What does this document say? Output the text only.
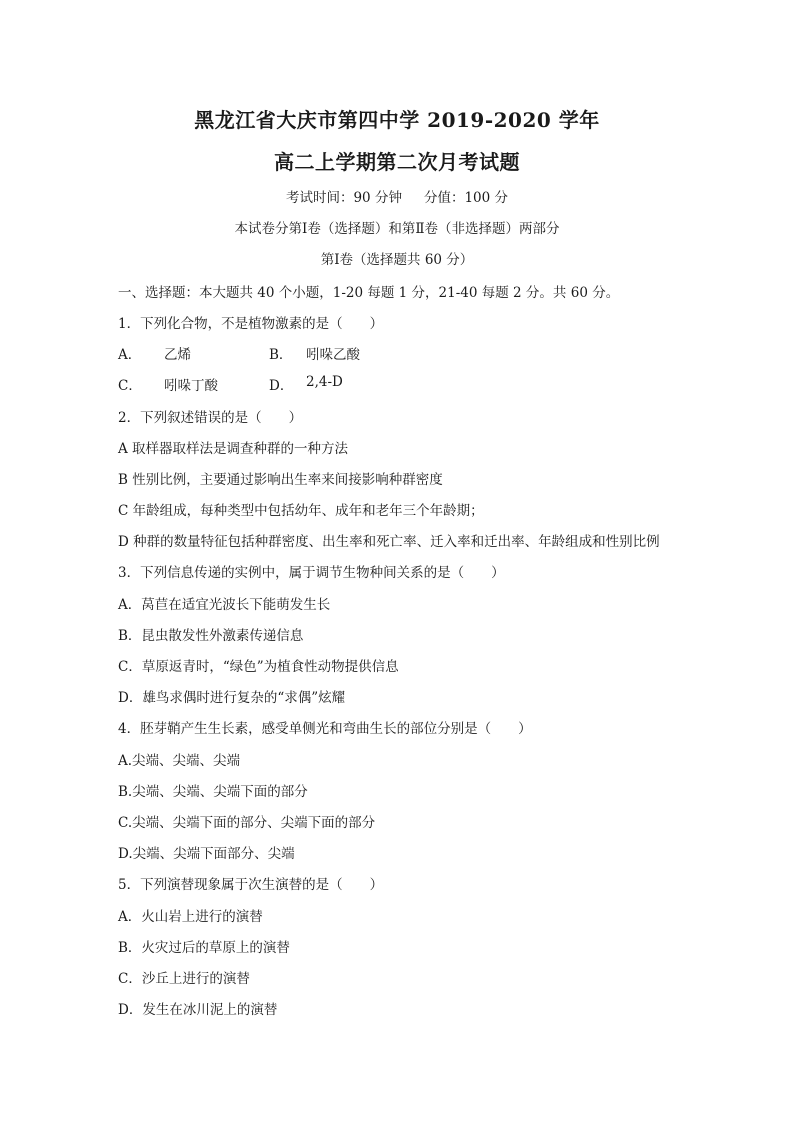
黑龙江省大庆市第四中学 2019-2020 学年
高二上学期第二次月考试题
考试时间：90 分钟 分值：100 分
本试卷分第Ⅰ卷（选择题）和第Ⅱ卷（非选择题）两部分
第Ⅰ卷（选择题共 60 分）
一、选择题：本大题共 40 个小题，1-20 每题 1 分，21-40 每题 2 分。共 60 分。
1．下列化合物，不是植物激素的是（　　）
A． 乙烯	B． 吲哚乙酸
C． 吲哚丁酸	D． 2,4-D
2．下列叙述错误的是（　　）
A 取样器取样法是调查种群的一种方法
B 性别比例，主要通过影响出生率来间接影响种群密度
C 年龄组成，每种类型中包括幼年、成年和老年三个年龄期；
D 种群的数量特征包括种群密度、出生率和死亡率、迁入率和迁出率、年龄组成和性别比例
3．下列信息传递的实例中，属于调节生物种间关系的是（　　）
A．莴苣在适宜光波长下能萌发生长
B．昆虫散发性外激素传递信息
C．草原返青时，“绿色”为植食性动物提供信息
D．雄鸟求偶时进行复杂的“求偶”炫耀
4．胚芽鞘产生生长素，感受单侧光和弯曲生长的部位分别是（　　）
A.尖端、尖端、尖端
B.尖端、尖端、尖端下面的部分
C.尖端、尖端下面的部分、尖端下面的部分
D.尖端、尖端下面部分、尖端
5．下列演替现象属于次生演替的是（　　）
A．火山岩上进行的演替
B．火灾过后的草原上的演替
C．沙丘上进行的演替
D．发生在冰川泥上的演替
